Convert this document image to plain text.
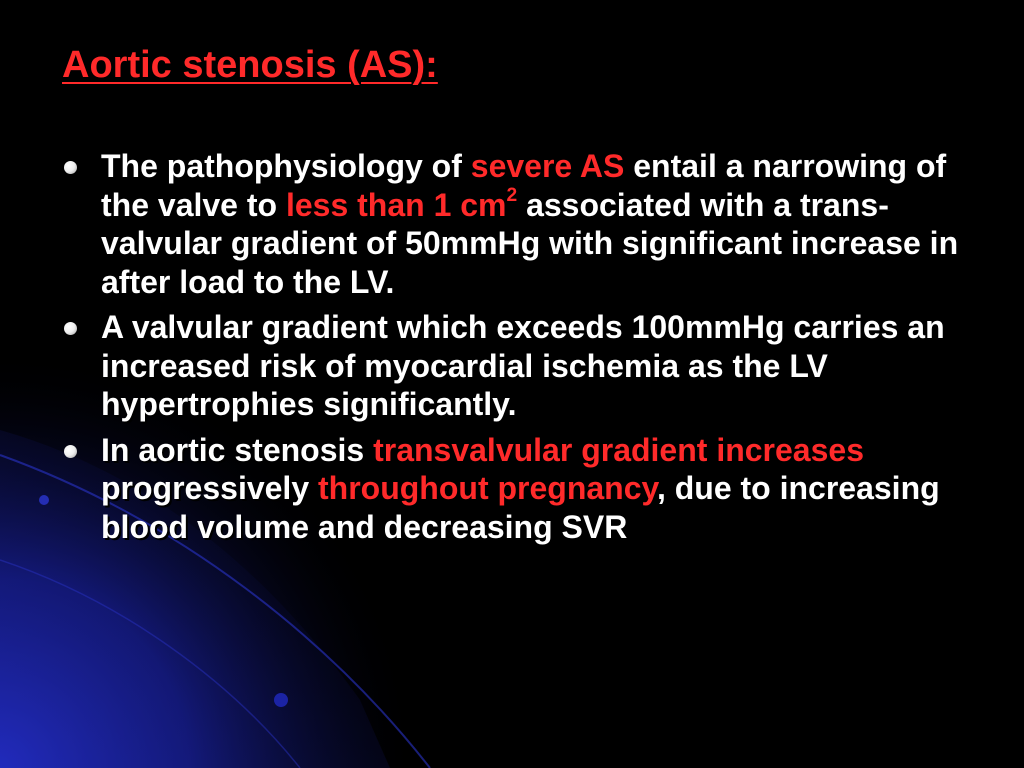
Aortic stenosis (AS):
The pathophysiology of severe AS entail a narrowing of the valve to less than 1 $cm^2$ associated with a trans-valvular gradient of 50mmHg with significant increase in after load to the LV.
A valvular gradient which exceeds 100mmHg carries an increased risk of myocardial ischemia as the LV hypertrophies significantly.
In aortic stenosis transvalvular gradient increases progressively throughout pregnancy, due to increasing blood volume and decreasing SVR
